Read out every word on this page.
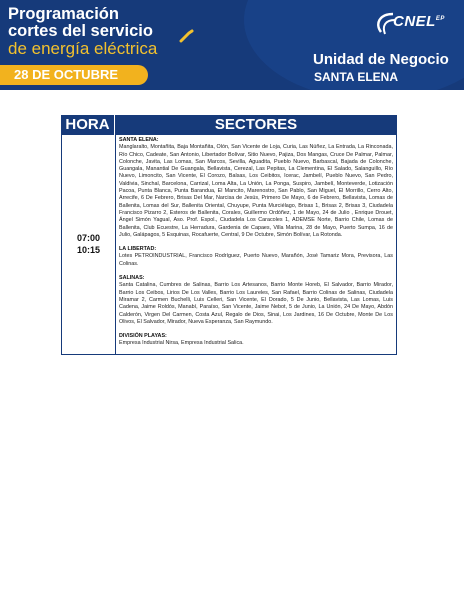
Programación
cortes del servicio
de energía eléctrica
28 DE OCTUBRE
$CNEL^{EP}$
Unidad de Negocio
SANTA ELENA
HORA	SECTORES
07:00
10:15
SANTA ELENA:
Manglaralto, Montañita, Baja Montañita, Olón, San Vicente de Loja, Curia, Las Núñez, La Entrada, La Rinconada, Río Chico, Cadeate, San Antonio, Libertador Bolívar, Sitio Nuevo, Pajiza, Dos Mangas, Cruce De Palmar, Palmar, Colonche, Javita, Las Lomas, San Marcos, Sevilla, Aguadita, Pueblo Nuevo, Barbascal, Bajada de Colonche, Guangala, Manantial De Guangala, Bellavista, Cerezal, Las Pepitas, La Clementina, El Salado, Salanguillo, Río Nuevo, Limoncito, San Vicente, El Corozo, Balsas, Los Ceibitos, Icerас, Jambelí, Pueblo Nuevo, San Pedro, Valdivia, Sinchal, Barcelona, Carrizal, Loma Alta, La Unión, La Ponga, Suspiro, Jambelí, Monteverde, Lotización Pacoa, Punta Blanca, Punta Barandua, El Mancito, Marenostro, San Pablo, San Miguel, El Morrillo, Cerro Alto, Arrecife, 6 De Febrero, Brisas Del Mar, Narcisa de Jesús, Primero De Mayo, 6 de Febrero, Bellavista, Lomas de Ballenita, Lomas del Sur, Ballenita Oriental, Chuyupe, Punta Murciélago, Brisas 1, Brisas 2, Brisas 3, Ciudadela Francisco Pizarro 2, Esteros de Ballenita, Corales, Guillermo Ordóñez, 1 de Mayo, 24 de Julio , Enrique Drouet, Ángel Simón Yagual, Aso. Prof. Espol., Ciudadela Los Caracoles 1, ADEMSE Norte, Barrio Chile, Lomas de Ballenita, Club Ecuestre, La Herradura, Gardenia de Capaes, Villa Marina, 28 de Mayo, Puerto Sumpa, 16 de Julio, Galápagos, 5 Esquinas, Rocafuerte, Central, 9 De Octubre, Simón Bolívar, La Rotonda.
LA LIBERTAD:
Lotes PETROINDUSTRIAL, Francisco Rodríguez, Puerto Nuevo, Marañón, José Tamariz Mora, Previsora, Las Colinas.
SALINAS:
Santa Catalina, Cumbres de Salinas, Barrio Los Artesanos, Barrio Monte Horeb, El Salvador, Barrio Mirador, Barrio Los Ceibos, Lirios De Los Valles, Barrio Los Laureles, San Rafael, Barrio Colinas de Salinas, Ciudadela Miramar 2, Carmen Buchelli, Luis Celleri, San Vicente, El Dorado, 5 De Junio, Bellavista, Las Lomas, Luis Cadena, Jaime Roldós, Manabí, Paraíso, San Vicente, Jaime Nebot, 5 de Junio, La Unión, 24 De Mayo, Abdón Calderón, Virgen Del Carmen, Costa Azul, Regalo de Dios, Sinai, Los Jardines, 16 De Octubre, Monte De Los Olivos, El Salvador, Mirador, Nueva Esperanza, San Raymundo.
DIVISIÓN PLAYAS:
Empresa Industrial Nirsa, Empresa Industrial Salica.
